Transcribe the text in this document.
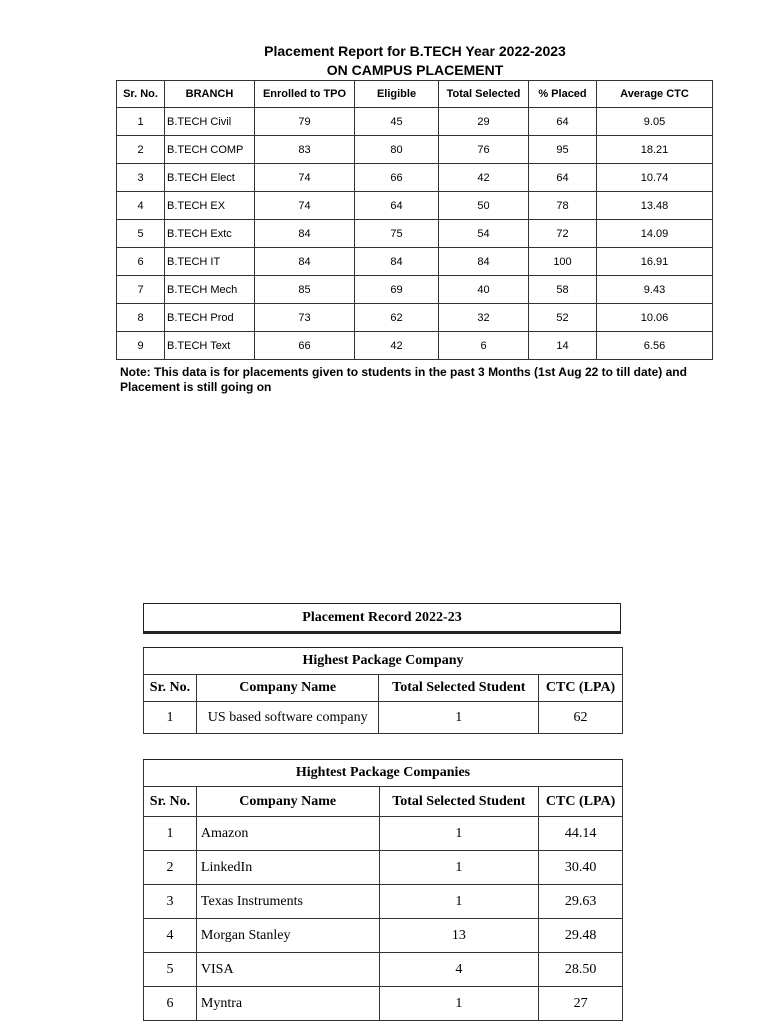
Placement Report for B.TECH Year 2022-2023
ON CAMPUS PLACEMENT
Sr. No.	BRANCH	Enrolled to TPO	Eligible	Total Selected	% Placed	Average CTC
1	B.TECH Civil	79	45	29	64	9.05
2	B.TECH COMP	83	80	76	95	18.21
3	B.TECH Elect	74	66	42	64	10.74
4	B.TECH EX	74	64	50	78	13.48
5	B.TECH Extc	84	75	54	72	14.09
6	B.TECH IT	84	84	84	100	16.91
7	B.TECH Mech	85	69	40	58	9.43
8	B.TECH Prod	73	62	32	52	10.06
9	B.TECH Text	66	42	6	14	6.56
Note: This data is for placements given to students in the past 3 Months (1st Aug 22 to till date) and Placement is still going on
Placement Record 2022-23
Highest Package Company			
Sr. No.	Company Name	Total Selected Student	CTC (LPA)
1	US based software company	1	62
Hightest Package Companies			
Sr. No.	Company Name	Total Selected Student	CTC (LPA)
1	Amazon	1	44.14
2	LinkedIn	1	30.40
3	Texas Instruments	1	29.63
4	Morgan Stanley	13	29.48
5	VISA	4	28.50
6	Myntra	1	27
